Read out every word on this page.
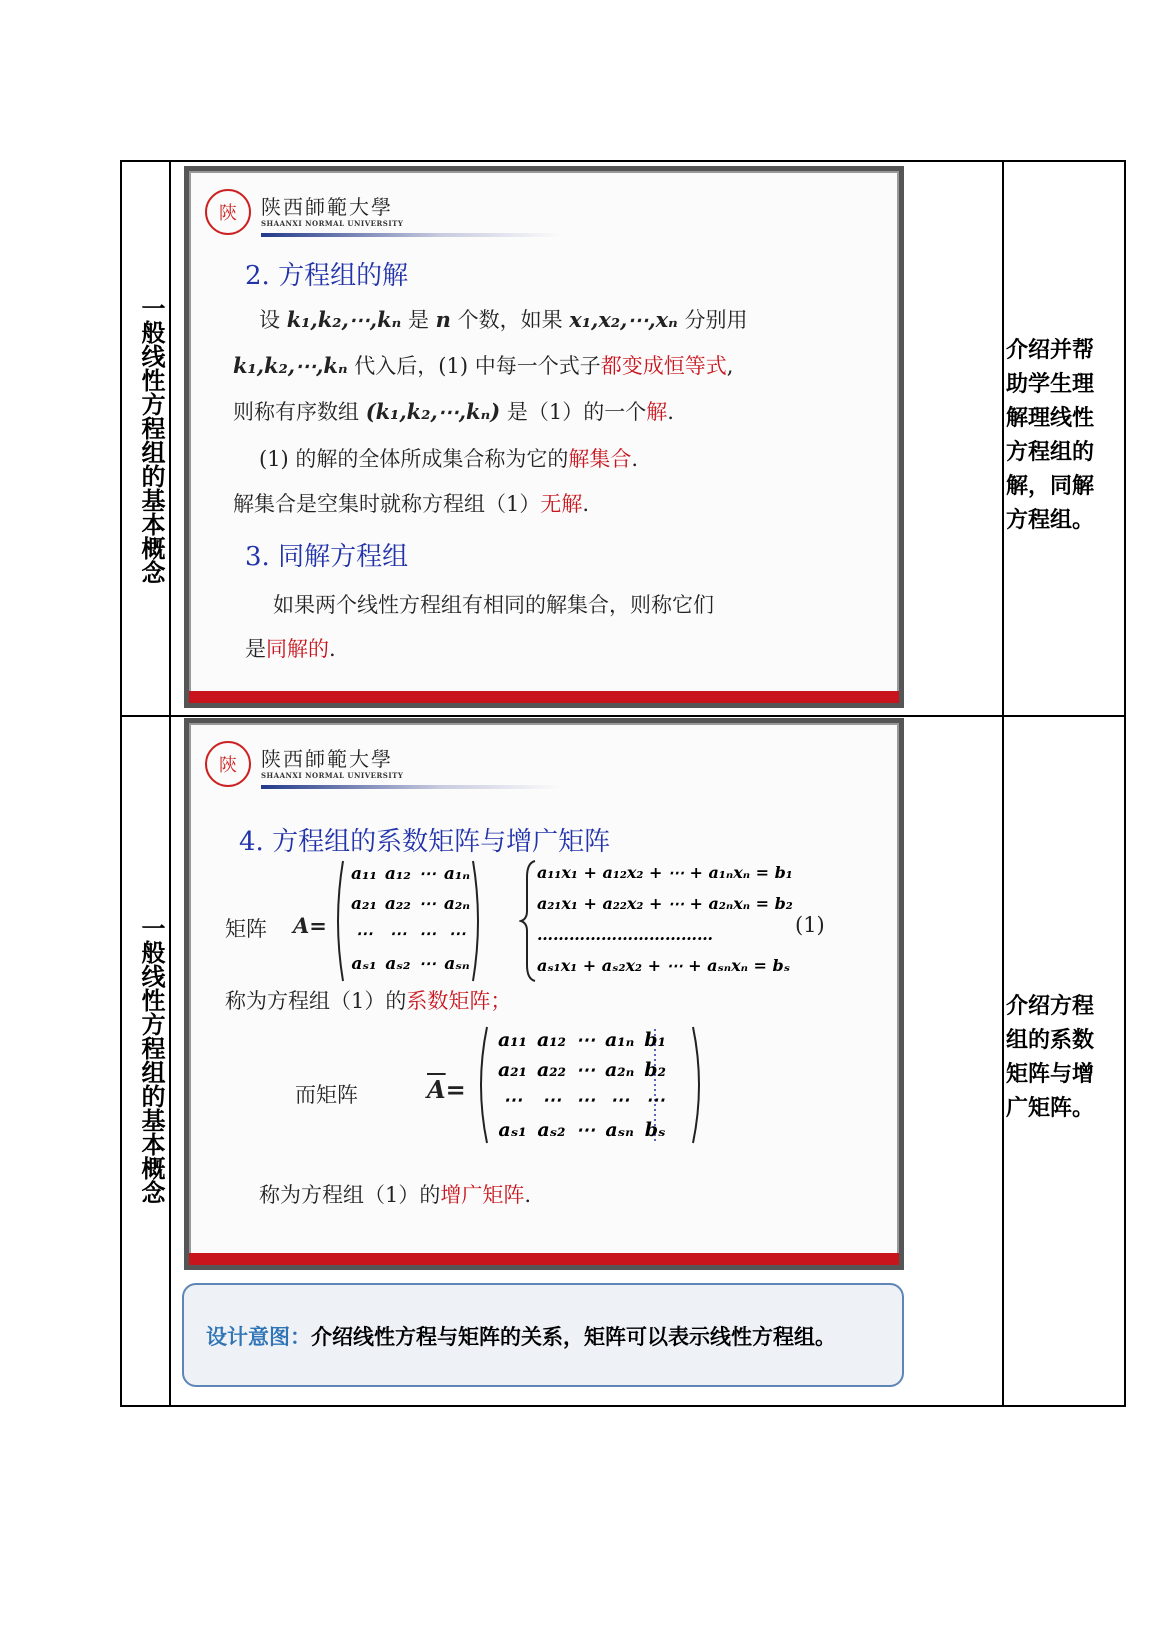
一般线性方程组的基本概念	介绍并帮助学生理解理线性方程组的解，同解方程组。
陝	陕西師範大學
SHAANXI NORMAL UNIVERSITY
2. 方程组的解
设 k₁,k₂,⋯,kₙ 是 n 个数，如果 x₁,x₂,⋯,xₙ 分别用
k₁,k₂,⋯,kₙ 代入后，(1) 中每一个式子都变成恒等式,
则称有序数组 (k₁,k₂,⋯,kₙ) 是（1）的一个解.
(1) 的解的全体所成集合称为它的解集合.
解集合是空集时就称方程组（1）无解.
3. 同解方程组
如果两个线性方程组有相同的解集合，则称它们
是同解的.
一般线性方程组的基本概念	介绍方程组的系数矩阵与增广矩阵。
陝	陕西師範大學
SHAANXI NORMAL UNIVERSITY
4. 方程组的系数矩阵与增广矩阵
矩阵 A=
a₁₁	a₁₂	⋯	a₁ₙ
a₂₁	a₂₂	⋯	a₂ₙ
⋯	⋯	⋯	⋯
aₛ₁	aₛ₂	⋯	aₛₙ
a₁₁x₁ + a₁₂x₂ + ⋯ + a₁ₙxₙ = b₁
a₂₁x₁ + a₂₂x₂ + ⋯ + a₂ₙxₙ = b₂
……………………………
aₛ₁x₁ + aₛ₂x₂ + ⋯ + aₛₙxₙ = bₛ
(1)
称为方程组（1）的系数矩阵；
而矩阵	$\overline{A}=$
a₁₁	a₁₂	⋯	a₁ₙ	b₁
a₂₁	a₂₂	⋯	a₂ₙ	b₂
⋯	⋯	⋯	⋯	⋯
aₛ₁	aₛ₂	⋯	aₛₙ	bₛ
称为方程组（1）的增广矩阵.
设计意图：介绍线性方程与矩阵的关系，矩阵可以表示线性方程组。
